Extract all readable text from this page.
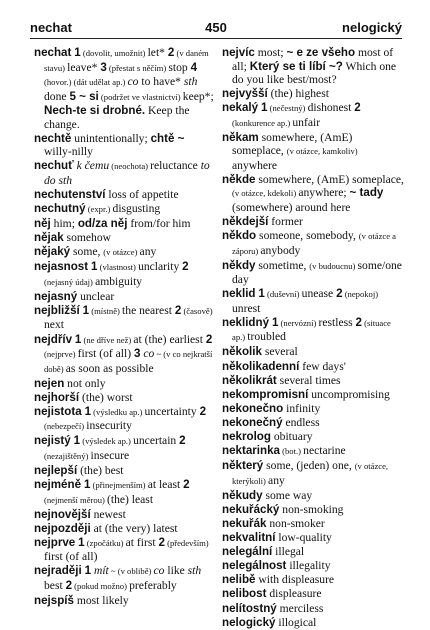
nechat	450	nelogický
nechat 1 (dovolit, umožnit) let* 2 (v daném stavu) leave* 3 (přestat s něčím) stop 4 (hovor.) (dát udělat ap.) co to have* sth done 5 ~ si (podržet ve vlastnictví) keep*; Nech-te si drobné. Keep the change.
nechtě unintentionally; chtě ~ willy-nilly
nechuť k čemu (neochota) reluctance to do sth
nechutenství loss of appetite
nechutný (expr.) disgusting
něj him; od/za něj from/for him
nějak somehow
nějaký some, (v otázce) any
nejasnost 1 (vlastnost) unclarity 2 (nejasný údaj) ambiguity
nejasný unclear
nejbližší 1 (místně) the nearest 2 (časově) next
nejdřív 1 (ne dříve než) at (the) earliest 2 (nejprve) first (of all) 3 co ~ (v co nejkratší době) as soon as possible
nejen not only
nejhorší (the) worst
nejistota 1 (výsledku ap.) uncertainty 2 (nebezpečí) insecurity
nejistý 1 (výsledek ap.) uncertain 2 (nezajištěný) insecure
nejlepší (the) best
nejméně 1 (přinejmenším) at least 2 (nejmenší měrou) (the) least
nejnovější newest
nejpozději at (the very) latest
nejprve 1 (zpočátku) at first 2 (především) first (of all)
nejraději 1 mít ~ (v oblibě) co like sth best 2 (pokud možno) preferably
nejspíš most likely
nejvíc most; ~ e ze všeho most of all; Který se ti líbí ~? Which one do you like best/most?
nejvyšší (the) highest
nekalý 1 (nečestný) dishonest 2 (konkurence ap.) unfair
někam somewhere, (AmE) someplace, (v otázce, kamkoliv) anywhere
někde somewhere, (AmE) someplace, (v otázce, kdekoli) anywhere; ~ tady (somewhere) around here
někdejší former
někdo someone, somebody, (v otázce a záporu) anybody
někdy sometime, (v budoucnu) some/one day
neklid 1 (duševní) unease 2 (nepokoj) unrest
neklidný 1 (nervózní) restless 2 (situace ap.) troubled
několik several
několikadenní few days'
několikrát several times
nekompromisní uncompromising
nekonečno infinity
nekonečný endless
nekrolog obituary
nektarinka (bot.) nectarine
některý some, (jeden) one, (v otázce, kterýkoli) any
někudy some way
nekuřácký non-smoking
nekuřák non-smoker
nekvalitní low-quality
nelegální illegal
nelegálnost illegality
nelibě with displeasure
nelibost displeasure
nelítostný merciless
nelogický illogical
